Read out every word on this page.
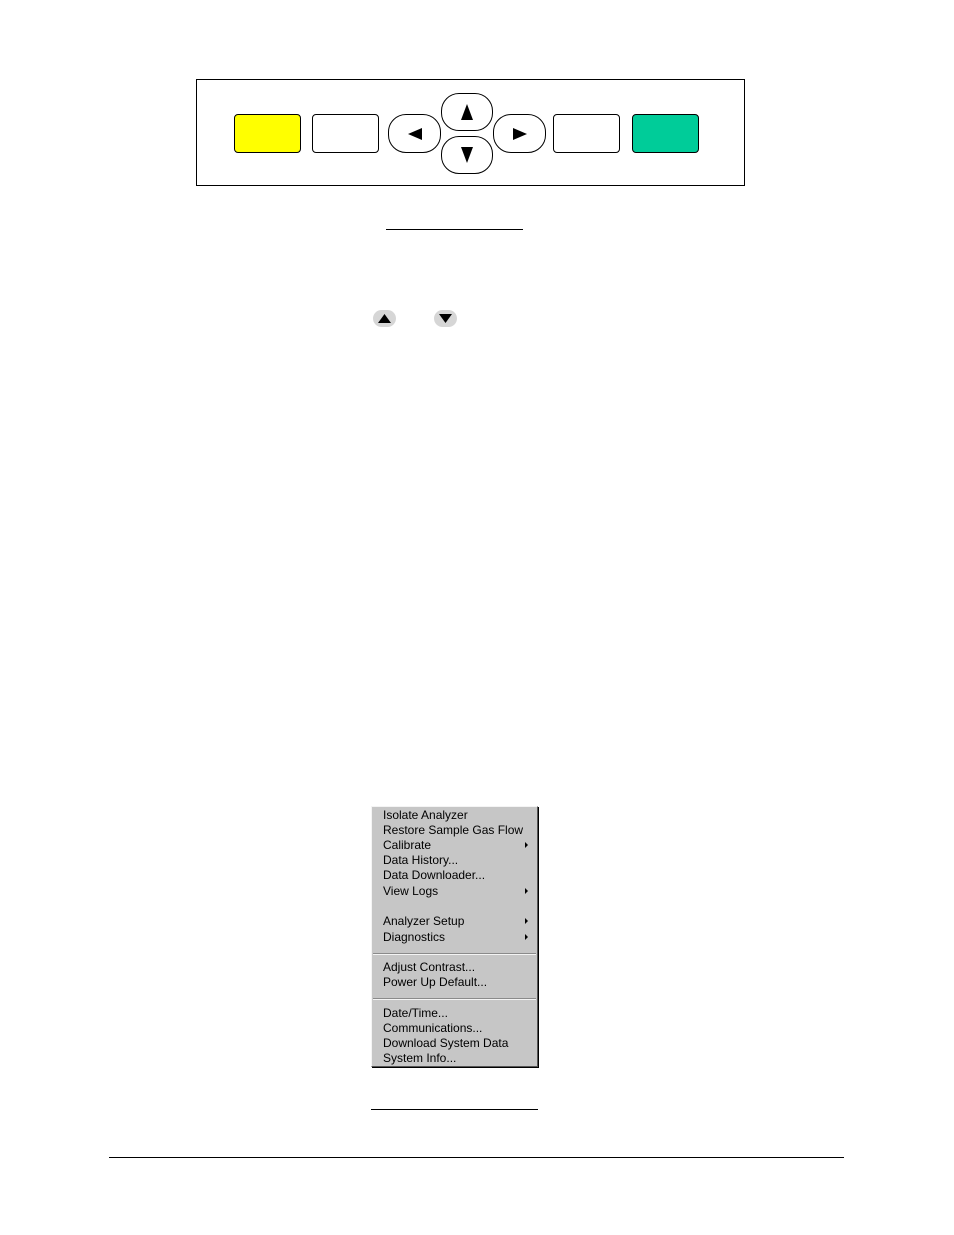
Isolate Analyzer
Restore Sample Gas Flow
Calibrate
Data History...
Data Downloader...
View Logs
Analyzer Setup
Diagnostics
Adjust Contrast...
Power Up Default...
Date/Time...
Communications...
Download System Data
System Info...
